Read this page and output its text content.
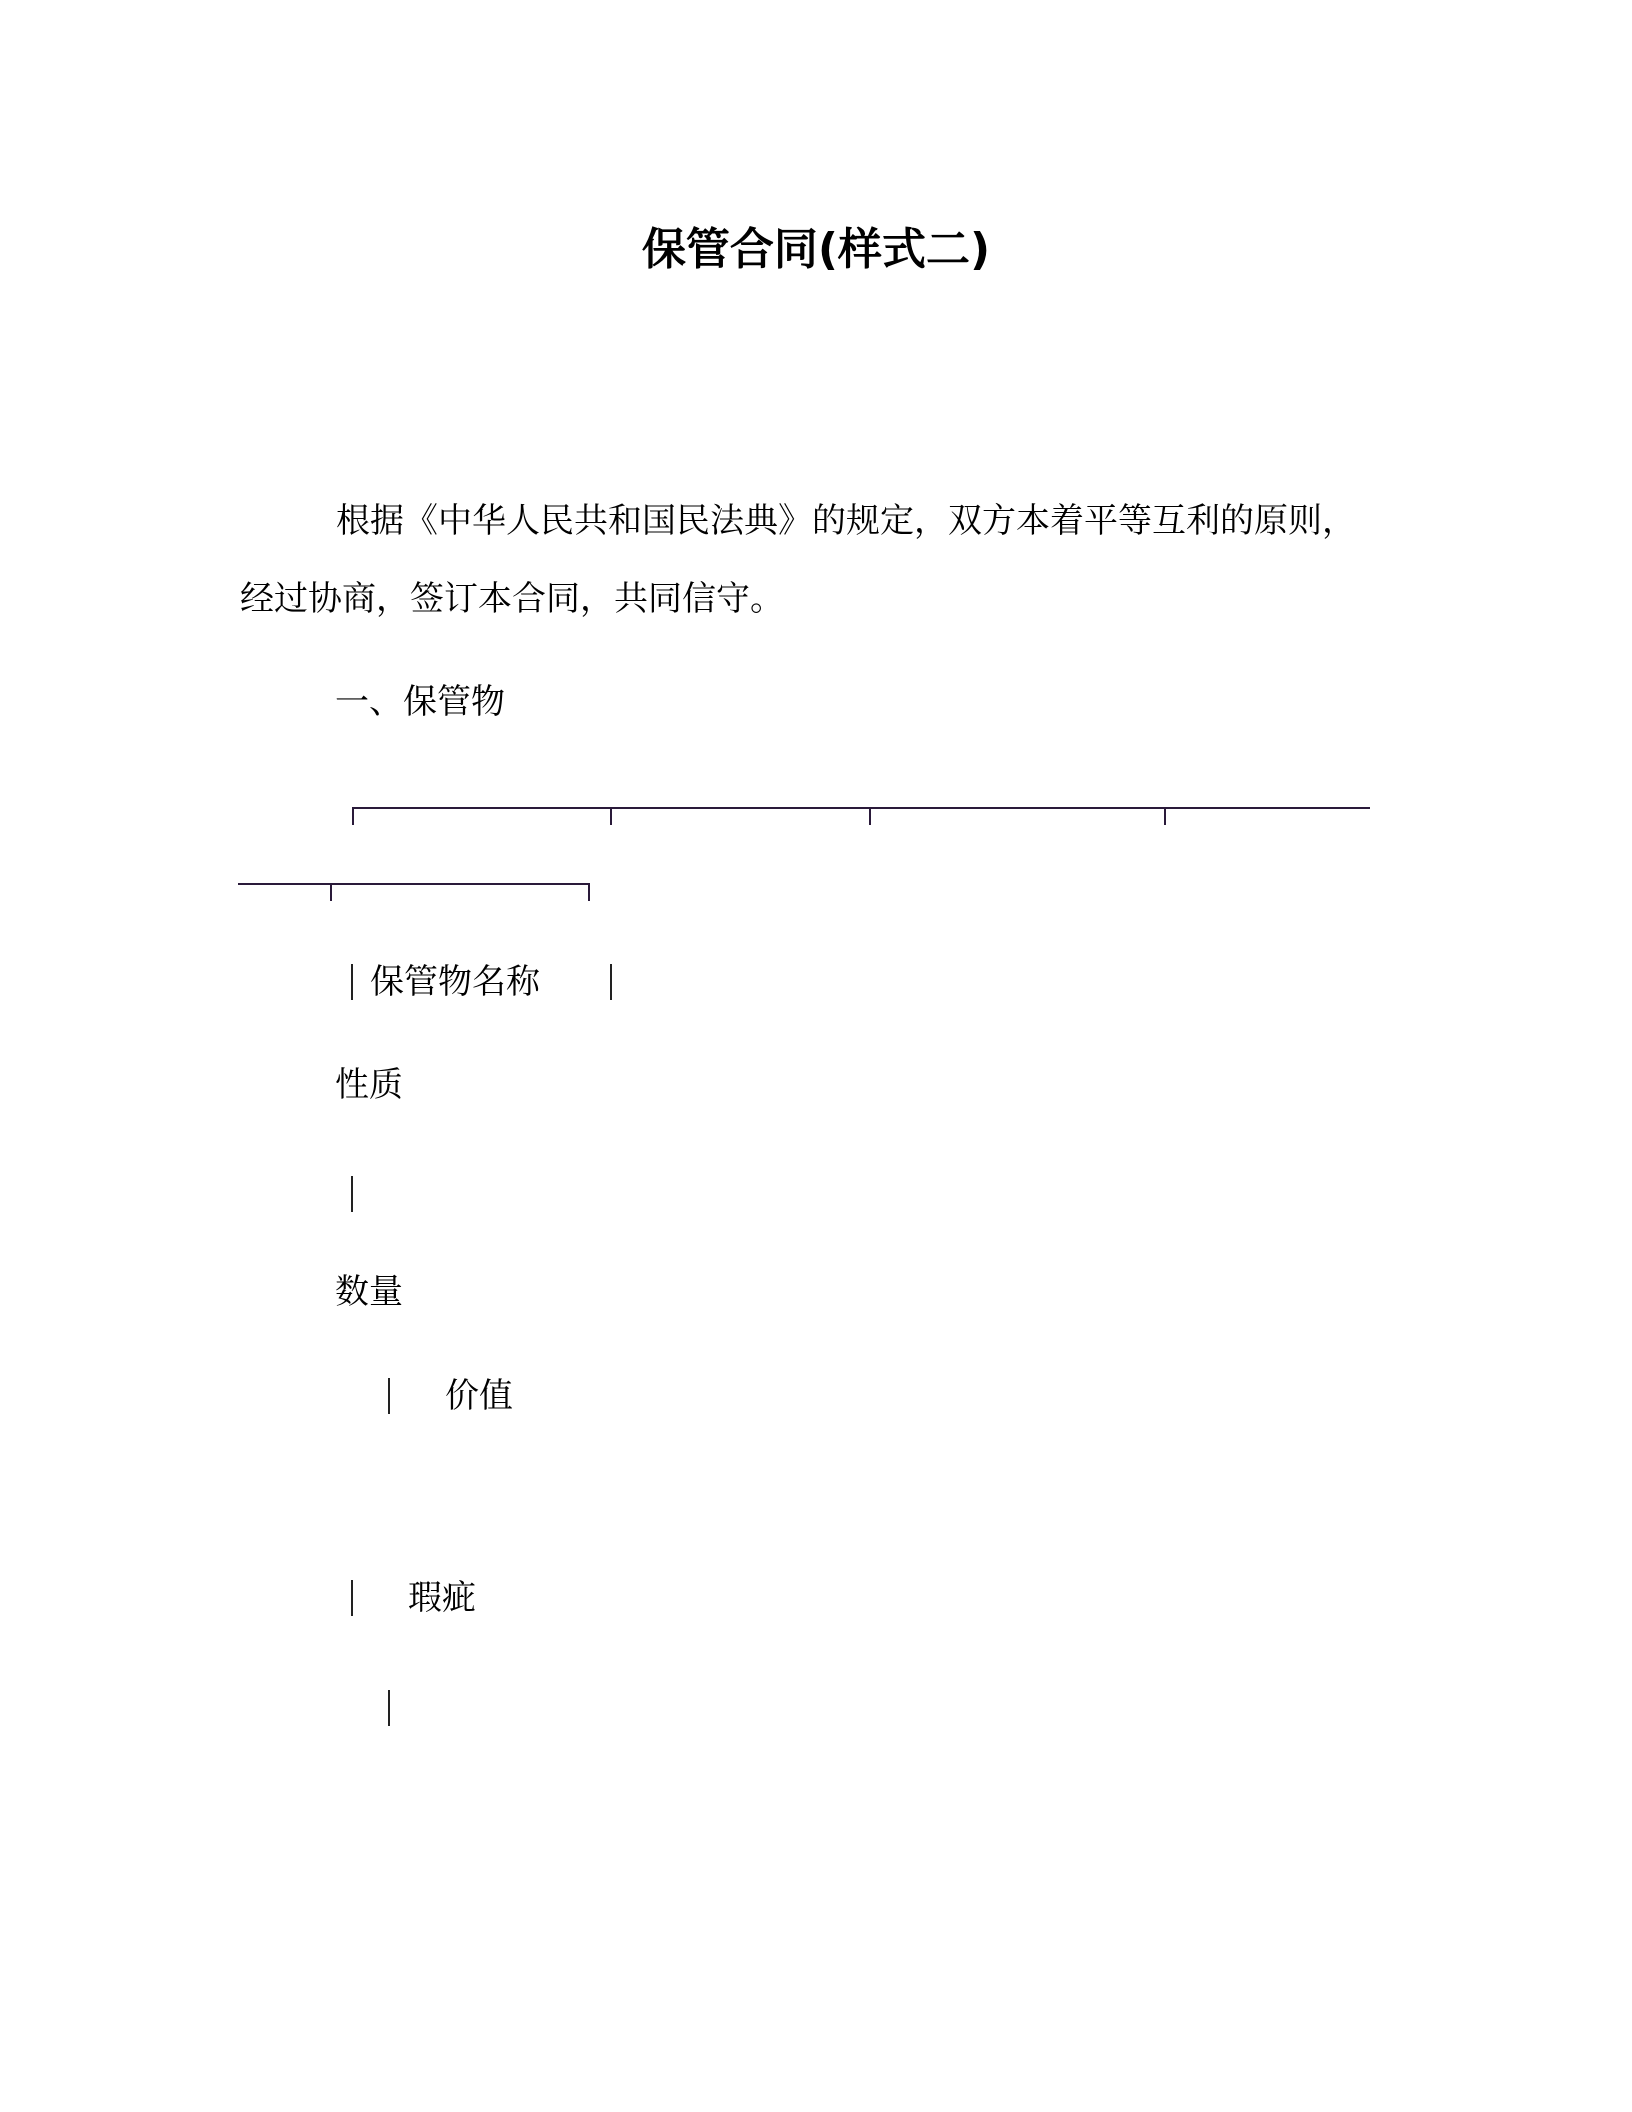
保管合同(样式二)

根据《中华人民共和国民法典》的规定，双方本着平等互利的原则，经过协商，签订本合同，共同信守。

一、保管物
保管物名称
性质
数量
价值
瑕疵
